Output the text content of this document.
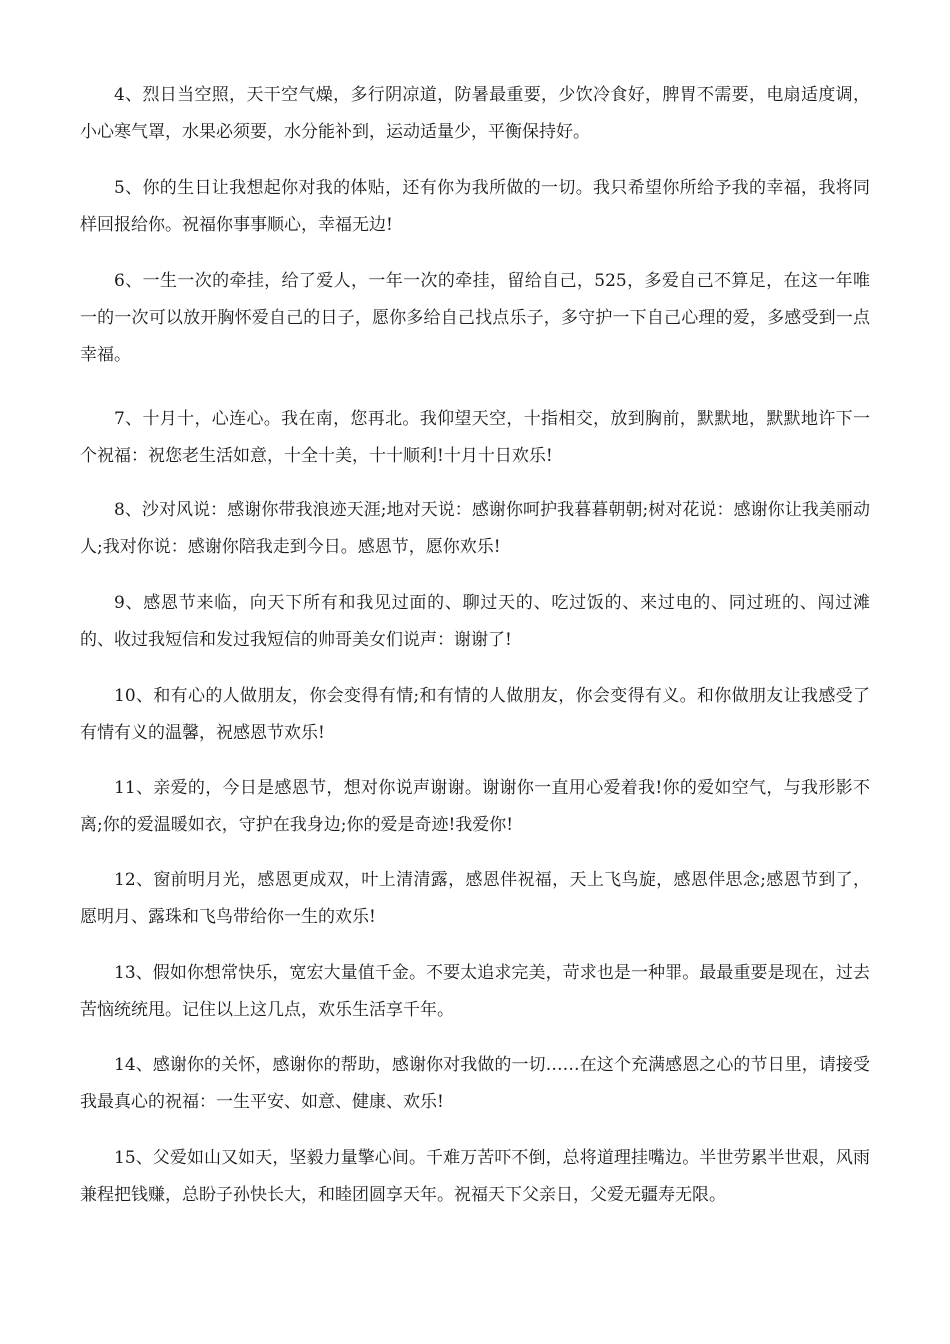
4、烈日当空照，天干空气燥，多行阴凉道，防暑最重要，少饮冷食好，脾胃不需要，电扇适度调，小心寒气罩，水果必须要，水分能补到，运动适量少，平衡保持好。

5、你的生日让我想起你对我的体贴，还有你为我所做的一切。我只希望你所给予我的幸福，我将同样回报给你。祝福你事事顺心，幸福无边!

6、一生一次的牵挂，给了爱人，一年一次的牵挂，留给自己，525，多爱自己不算足，在这一年唯一的一次可以放开胸怀爱自己的日子，愿你多给自己找点乐子，多守护一下自己心理的爱，多感受到一点幸福。

7、十月十，心连心。我在南，您再北。我仰望天空，十指相交，放到胸前，默默地，默默地许下一个祝福：祝您老生活如意，十全十美，十十顺利!十月十日欢乐!

8、沙对风说：感谢你带我浪迹天涯;地对天说：感谢你呵护我暮暮朝朝;树对花说：感谢你让我美丽动人;我对你说：感谢你陪我走到今日。感恩节，愿你欢乐!

9、感恩节来临，向天下所有和我见过面的、聊过天的、吃过饭的、来过电的、同过班的、闯过滩的、收过我短信和发过我短信的帅哥美女们说声：谢谢了!

10、和有心的人做朋友，你会变得有情;和有情的人做朋友，你会变得有义。和你做朋友让我感受了有情有义的温馨，祝感恩节欢乐!

11、亲爱的，今日是感恩节，想对你说声谢谢。谢谢你一直用心爱着我!你的爱如空气，与我形影不离;你的爱温暖如衣，守护在我身边;你的爱是奇迹!我爱你!

12、窗前明月光，感恩更成双，叶上清清露，感恩伴祝福，天上飞鸟旋，感恩伴思念;感恩节到了，愿明月、露珠和飞鸟带给你一生的欢乐!

13、假如你想常快乐，宽宏大量值千金。不要太追求完美，苛求也是一种罪。最最重要是现在，过去苦恼统统甩。记住以上这几点，欢乐生活享千年。

14、感谢你的关怀，感谢你的帮助，感谢你对我做的一切……在这个充满感恩之心的节日里，请接受我最真心的祝福：一生平安、如意、健康、欢乐!

15、父爱如山又如天，坚毅力量擎心间。千难万苦吓不倒，总将道理挂嘴边。半世劳累半世艰，风雨兼程把钱赚，总盼子孙快长大，和睦团圆享天年。祝福天下父亲日，父爱无疆寿无限。
